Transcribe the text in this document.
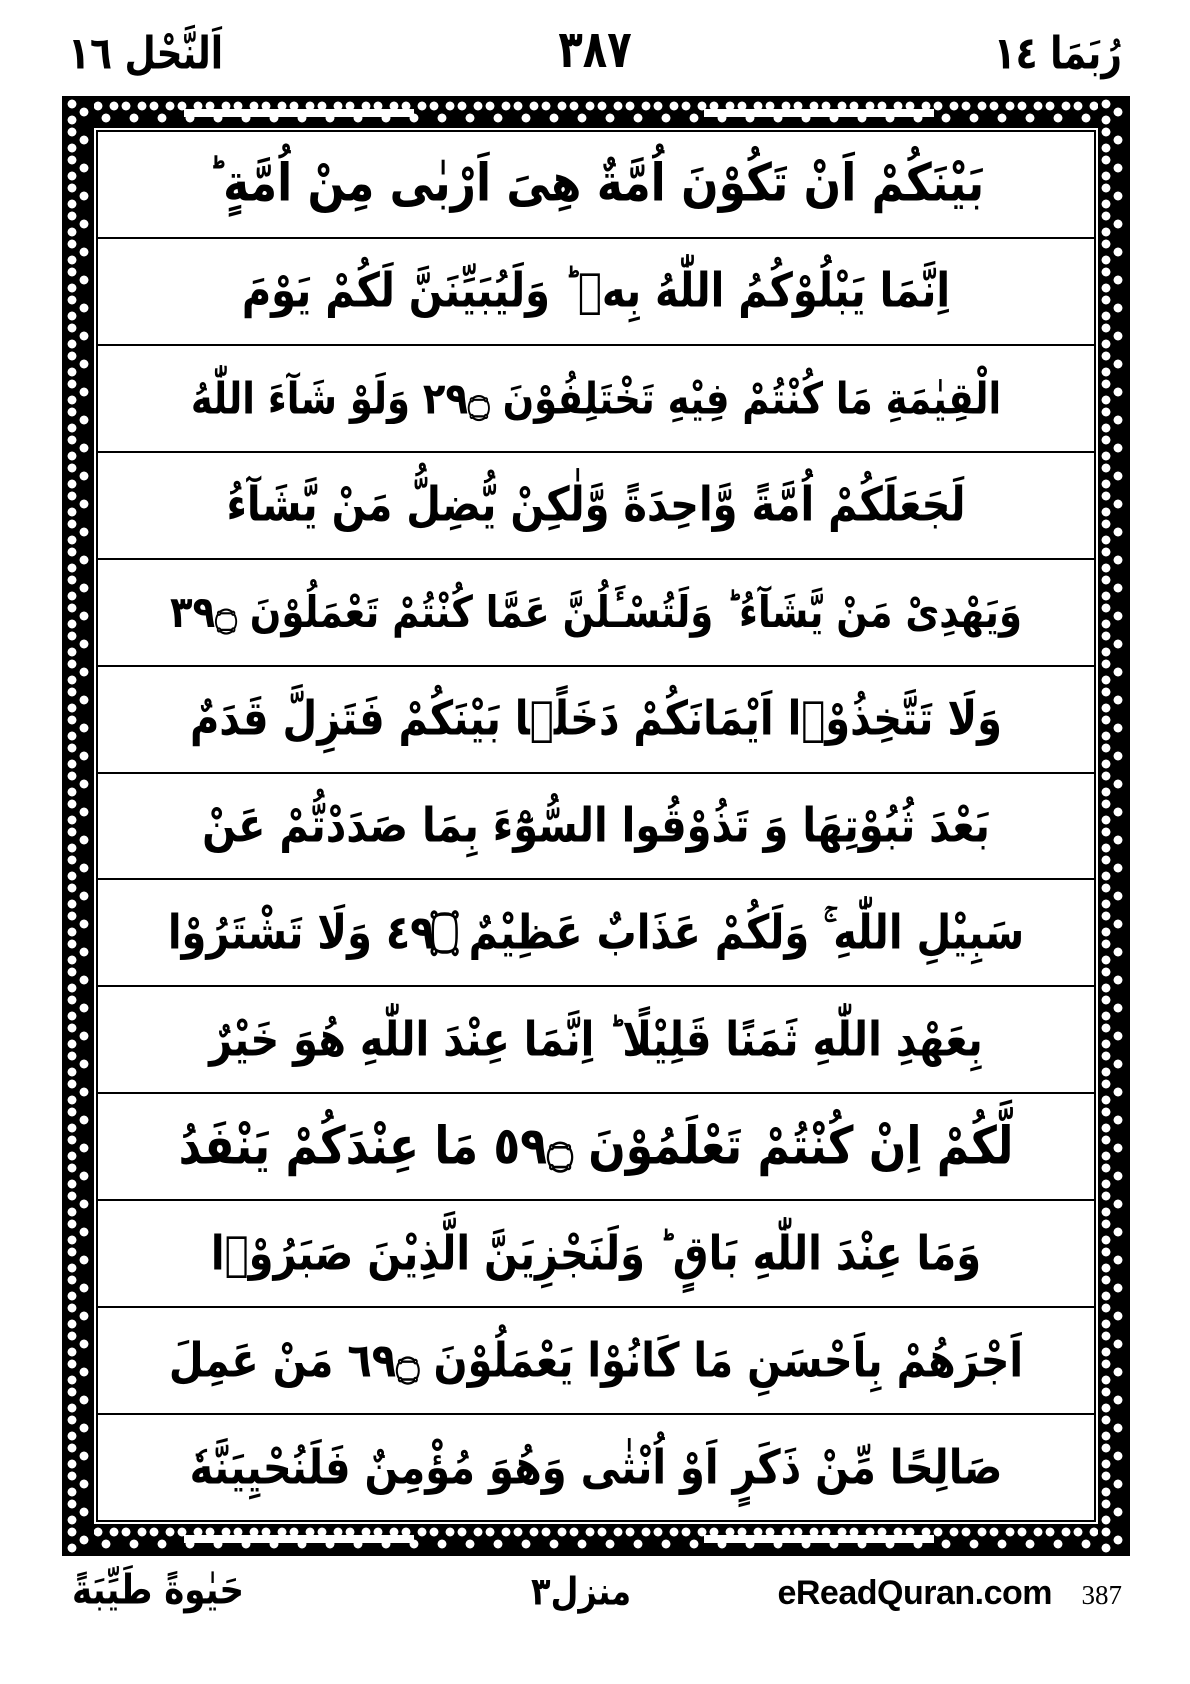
اَلنَّحْل ١٦	٣٨٧	رُبَمَا ١٤
بَيْنَكُمْ اَنْ تَكُوْنَ اُمَّةٌ هِىَ اَرْبٰى مِنْ اُمَّةٍ ؕ
اِنَّمَا يَبْلُوْكُمُ اللّٰهُ بِهٖ ؕ وَلَيُبَيِّنَنَّ لَكُمْ يَوْمَ
الْقِيٰمَةِ مَا كُنْتُمْ فِيْهِ تَخْتَلِفُوْنَ ۝٩٢ وَلَوْ شَآءَ اللّٰهُ
لَجَعَلَكُمْ اُمَّةً وَّاحِدَةً وَّلٰكِنْ يُّضِلُّ مَنْ يَّشَآءُ
وَيَهْدِىْ مَنْ يَّشَآءُ ؕ وَلَتُسْـَٔلُنَّ عَمَّا كُنْتُمْ تَعْمَلُوْنَ ۝٩٣
وَلَا تَتَّخِذُوْۤا اَيْمَانَكُمْ دَخَلًۢا بَيْنَكُمْ فَتَزِلَّ قَدَمٌ
بَعْدَ ثُبُوْتِهَا وَ تَذُوْقُوا السُّوْٓءَ بِمَا صَدَدْتُّمْ عَنْ
سَبِيْلِ اللّٰهِ ۚ وَلَكُمْ عَذَابٌ عَظِيْمٌ ۝٩٤ وَلَا تَشْتَرُوْا
بِعَهْدِ اللّٰهِ ثَمَنًا قَلِيْلًا ؕ اِنَّمَا عِنْدَ اللّٰهِ هُوَ خَيْرٌ
لَّكُمْ اِنْ كُنْتُمْ تَعْلَمُوْنَ ۝٩٥ مَا عِنْدَكُمْ يَنْفَدُ
وَمَا عِنْدَ اللّٰهِ بَاقٍ ؕ وَلَنَجْزِيَنَّ الَّذِيْنَ صَبَرُوْۤا
اَجْرَهُمْ بِاَحْسَنِ مَا كَانُوْا يَعْمَلُوْنَ ۝٩٦ مَنْ عَمِلَ
صَالِحًا مِّنْ ذَكَرٍ اَوْ اُنْثٰى وَهُوَ مُؤْمِنٌ فَلَنُحْيِيَنَّهٗ
حَيٰوةً طَيِّبَةً	منزل٣	eReadQuran.com 387
